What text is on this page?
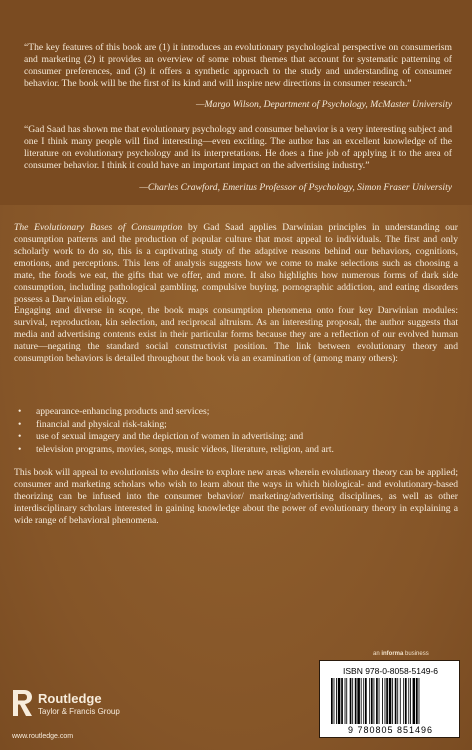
“The key features of this book are (1) it introduces an evolutionary psychological perspective on consumerism and marketing (2) it provides an overview of some robust themes that account for systematic patterning of consumer preferences, and (3) it offers a synthetic approach to the study and understanding of consumer behavior. The book will be the first of its kind and will inspire new directions in consumer research.”

—Margo Wilson, Department of Psychology, McMaster University

“Gad Saad has shown me that evolutionary psychology and consumer behavior is a very interesting subject and one I think many people will find interesting—even exciting. The author has an excellent knowledge of the literature on evolutionary psychology and its interpretations. He does a fine job of applying it to the area of consumer behavior. I think it could have an important impact on the advertising industry.”

—Charles Crawford, Emeritus Professor of Psychology, Simon Fraser University

The Evolutionary Bases of Consumption by Gad Saad applies Darwinian principles in understanding our consumption patterns and the production of popular culture that most appeal to individuals. The first and only scholarly work to do so, this is a captivating study of the adaptive reasons behind our behaviors, cognitions, emotions, and perceptions. This lens of analysis suggests how we come to make selections such as choosing a mate, the foods we eat, the gifts that we offer, and more. It also highlights how numerous forms of dark side consumption, including pathological gambling, compulsive buying, pornographic addiction, and eating disorders possess a Darwinian etiology.

Engaging and diverse in scope, the book maps consumption phenomena onto four key Darwinian modules: survival, reproduction, kin selection, and reciprocal altruism. As an interesting proposal, the author suggests that media and advertising contents exist in their particular forms because they are a reflection of our evolved human nature—negating the standard social constructivist position. The link between evolutionary theory and consumption behaviors is detailed throughout the book via an examination of (among many others):

• appearance-enhancing products and services;
• financial and physical risk-taking;
• use of sexual imagery and the depiction of women in advertising; and
• television programs, movies, songs, music videos, literature, religion, and art.

This book will appeal to evolutionists who desire to explore new areas wherein evolutionary theory can be applied; consumer and marketing scholars who wish to learn about the ways in which biological- and evolutionary-based theorizing can be infused into the consumer behavior/ marketing/advertising disciplines, as well as other interdisciplinary scholars interested in gaining knowledge about the power of evolutionary theory in explaining a wide range of behavioral phenomena.

an informa business
ISBN 978-0-8058-5149-6
9 780805 851496
Routledge
Taylor & Francis Group
www.routledge.com
